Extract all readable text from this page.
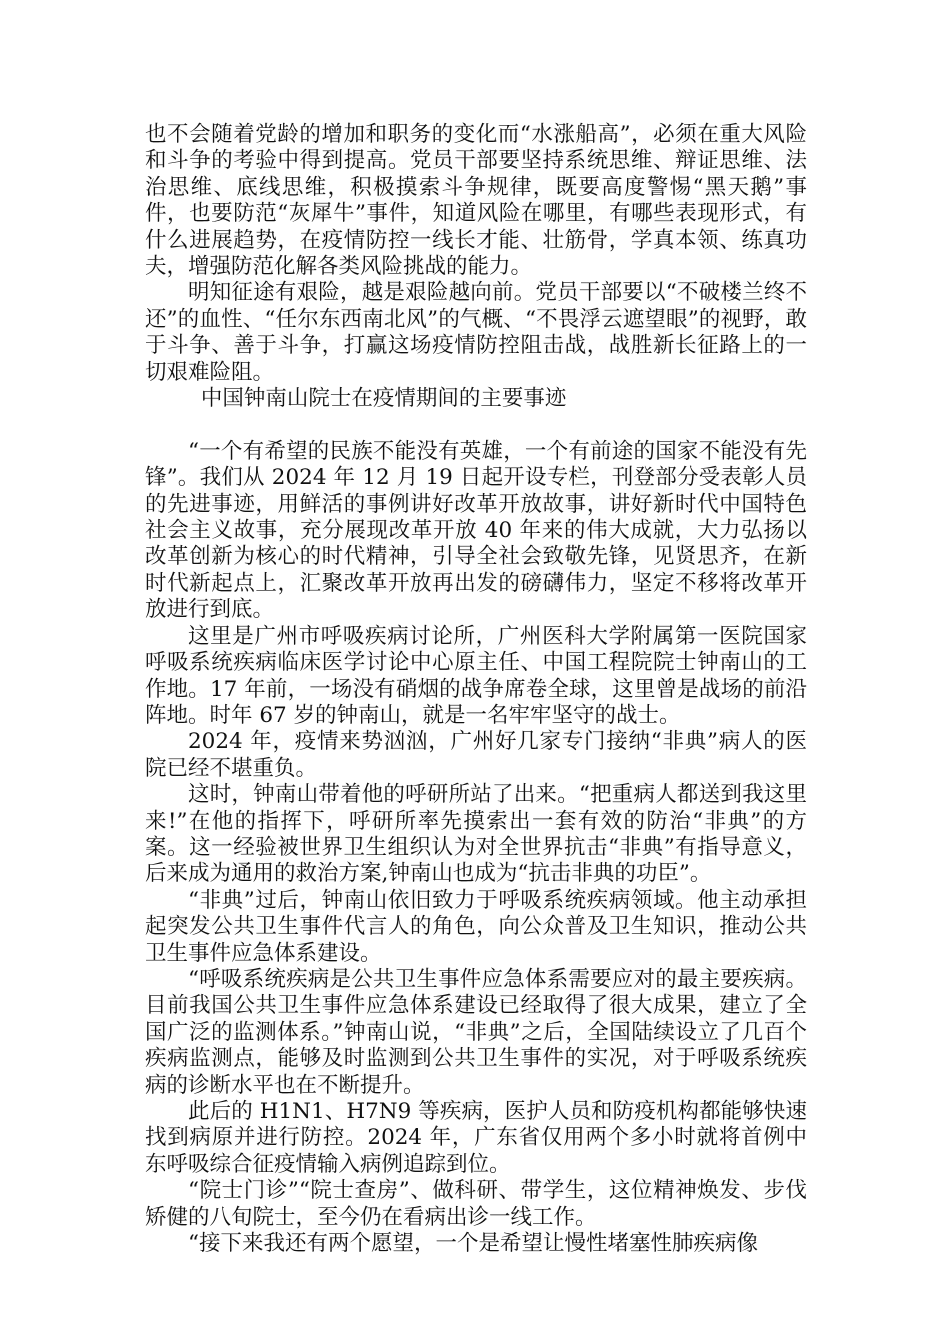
也不会随着党龄的增加和职务的变化而“水涨船高”，必须在重大风险和斗争的考验中得到提高。党员干部要坚持系统思维、辩证思维、法治思维、底线思维，积极摸索斗争规律，既要高度警惕“黑天鹅”事件，也要防范“灰犀牛”事件，知道风险在哪里，有哪些表现形式，有什么进展趋势，在疫情防控一线长才能、壮筋骨，学真本领、练真功夫，增强防范化解各类风险挑战的能力。

明知征途有艰险，越是艰险越向前。党员干部要以“不破楼兰终不还”的血性、“任尔东西南北风”的气概、“不畏浮云遮望眼”的视野，敢于斗争、善于斗争，打赢这场疫情防控阻击战，战胜新长征路上的一切艰难险阻。

中国钟南山院士在疫情期间的主要事迹

“一个有希望的民族不能没有英雄，一个有前途的国家不能没有先锋”。我们从 2024 年 12 月 19 日起开设专栏，刊登部分受表彰人员的先进事迹，用鲜活的事例讲好改革开放故事，讲好新时代中国特色社会主义故事，充分展现改革开放 40 年来的伟大成就，大力弘扬以改革创新为核心的时代精神，引导全社会致敬先锋，见贤思齐，在新时代新起点上，汇聚改革开放再出发的磅礴伟力，坚定不移将改革开放进行到底。

这里是广州市呼吸疾病讨论所，广州医科大学附属第一医院国家呼吸系统疾病临床医学讨论中心原主任、中国工程院院士钟南山的工作地。17 年前，一场没有硝烟的战争席卷全球，这里曾是战场的前沿阵地。时年 67 岁的钟南山，就是一名牢牢坚守的战士。

2024 年，疫情来势汹汹，广州好几家专门接纳“非典”病人的医院已经不堪重负。

这时，钟南山带着他的呼研所站了出来。“把重病人都送到我这里来!”在他的指挥下，呼研所率先摸索出一套有效的防治“非典”的方案。这一经验被世界卫生组织认为对全世界抗击“非典”有指导意义，后来成为通用的救治方案,钟南山也成为“抗击非典的功臣”。

“非典”过后，钟南山依旧致力于呼吸系统疾病领域。他主动承担起突发公共卫生事件代言人的角色，向公众普及卫生知识，推动公共卫生事件应急体系建设。

“呼吸系统疾病是公共卫生事件应急体系需要应对的最主要疾病。目前我国公共卫生事件应急体系建设已经取得了很大成果，建立了全国广泛的监测体系。”钟南山说，“非典”之后，全国陆续设立了几百个疾病监测点，能够及时监测到公共卫生事件的实况，对于呼吸系统疾病的诊断水平也在不断提升。

此后的 H1N1、H7N9 等疾病，医护人员和防疫机构都能够快速找到病原并进行防控。2024 年，广东省仅用两个多小时就将首例中东呼吸综合征疫情输入病例追踪到位。

“院士门诊”“院士查房”、做科研、带学生，这位精神焕发、步伐矫健的八旬院士，至今仍在看病出诊一线工作。

“接下来我还有两个愿望，一个是希望让慢性堵塞性肺疾病像
